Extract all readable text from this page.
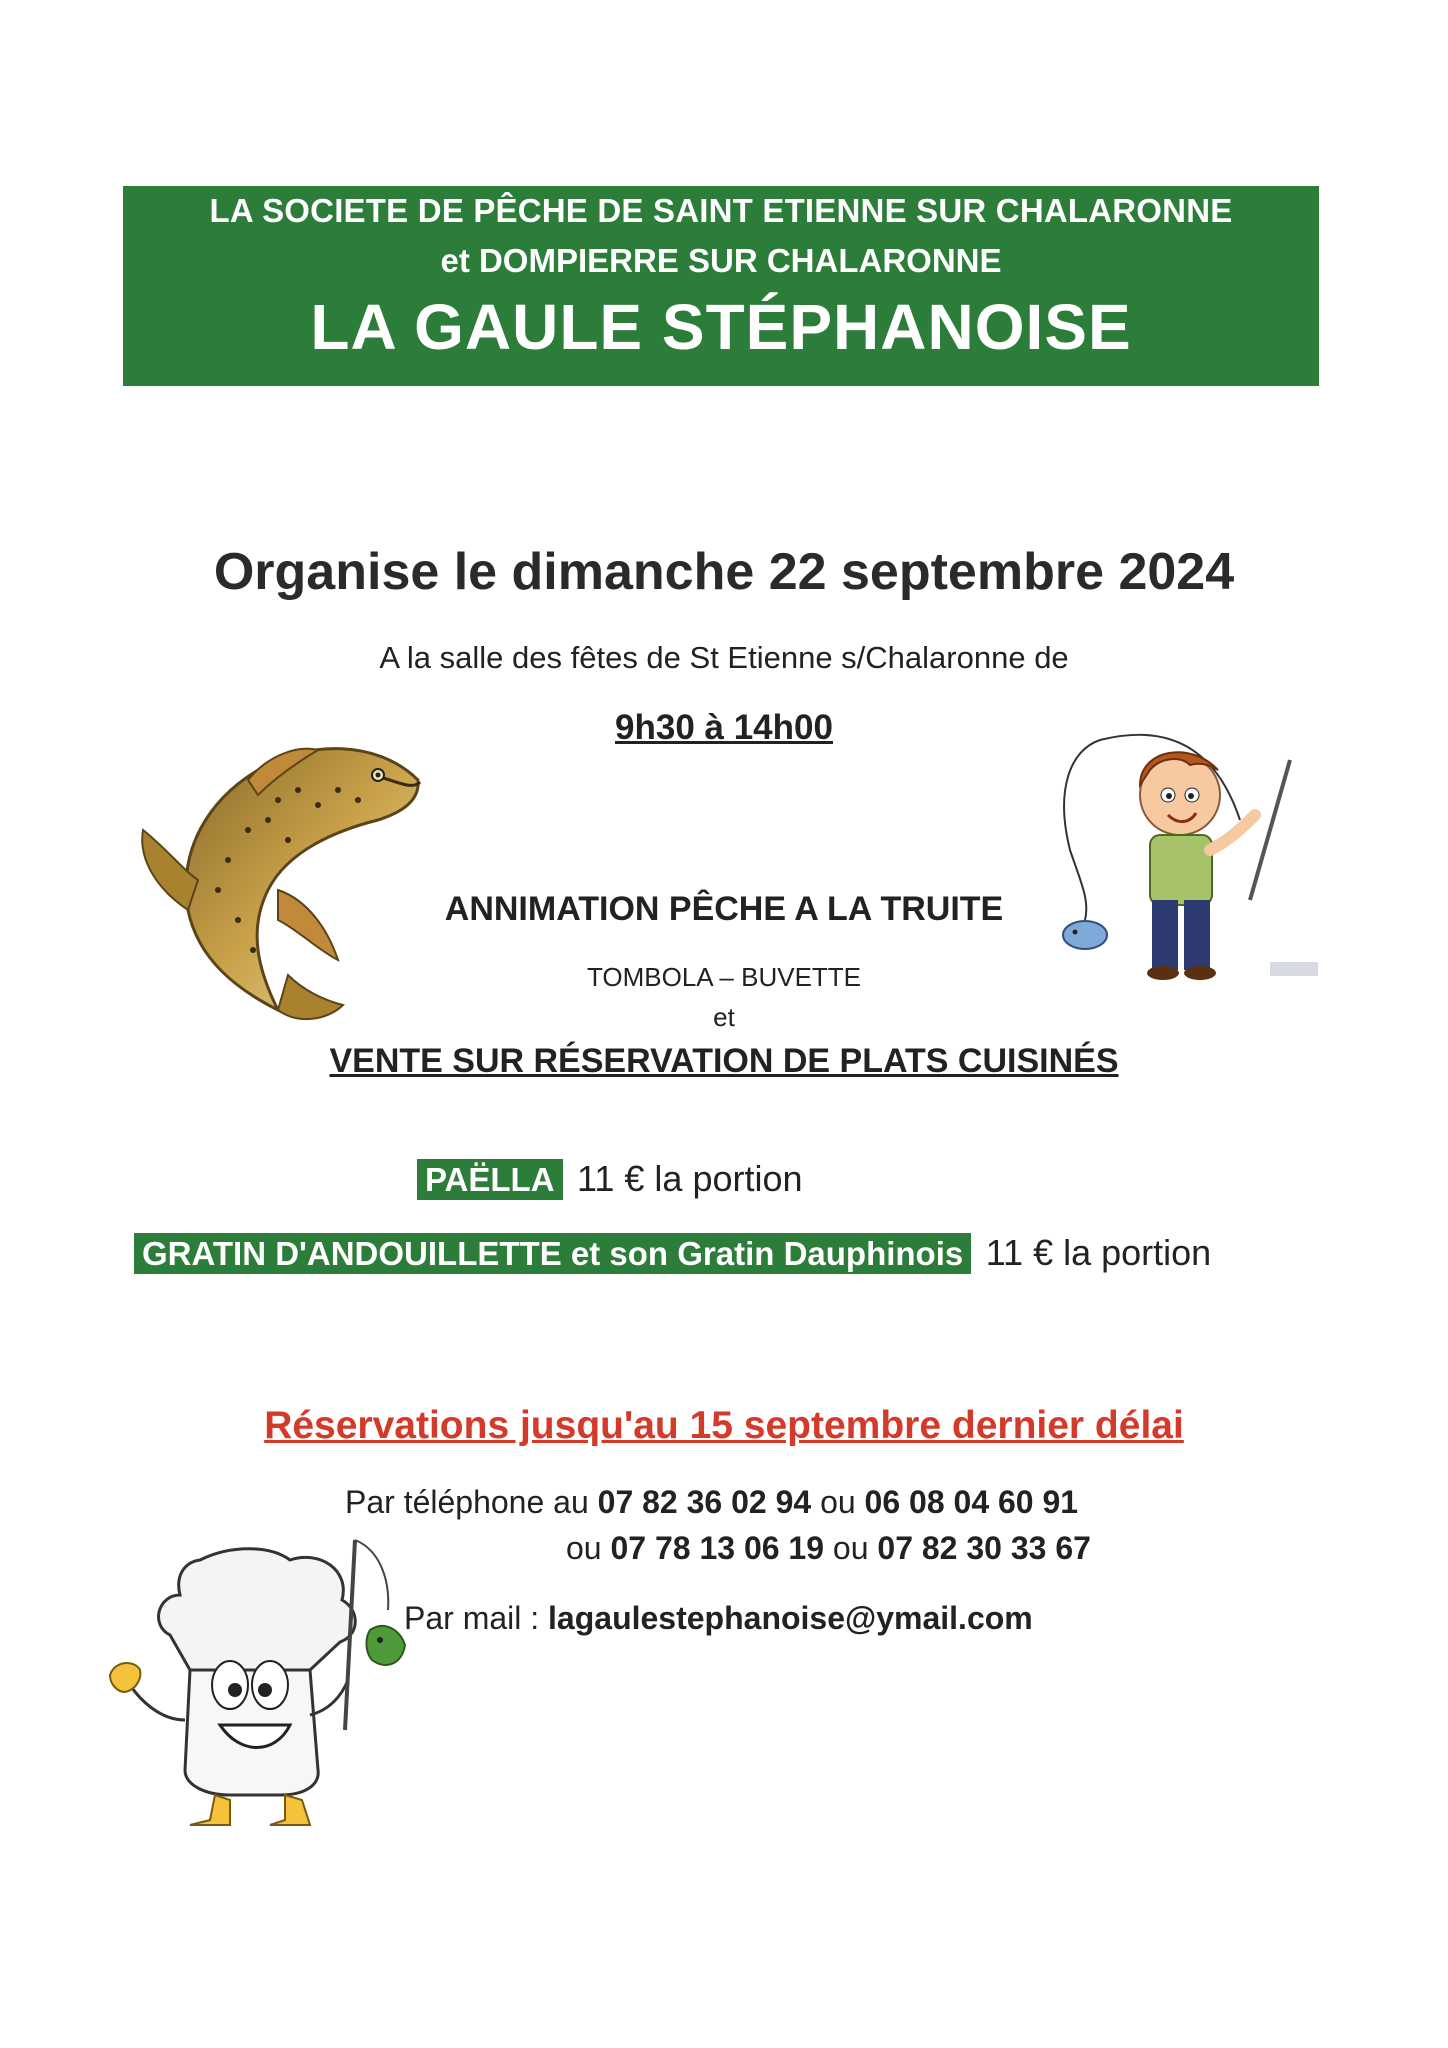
LA SOCIETE DE PÊCHE DE SAINT ETIENNE SUR CHALARONNE

et DOMPIERRE SUR CHALARONNE

LA GAULE STÉPHANOISE

Organise le dimanche 22 septembre 2024
A la salle des fêtes de St Etienne s/Chalaronne de
9h30 à 14h00
ANNIMATION PÊCHE A LA TRUITE
TOMBOLA – BUVETTE
et
VENTE SUR RÉSERVATION DE PLATS CUISINÉS
PAËLLA 11 € la portion
GRATIN D'ANDOUILLETTE et son Gratin Dauphinois 11 € la portion
Réservations jusqu'au 15 septembre dernier délai
Par téléphone au 07 82 36 02 94 ou 06 08 04 60 91
ou 07 78 13 06 19 ou 07 82 30 33 67
Par mail : lagaulestephanoise@ymail.com
